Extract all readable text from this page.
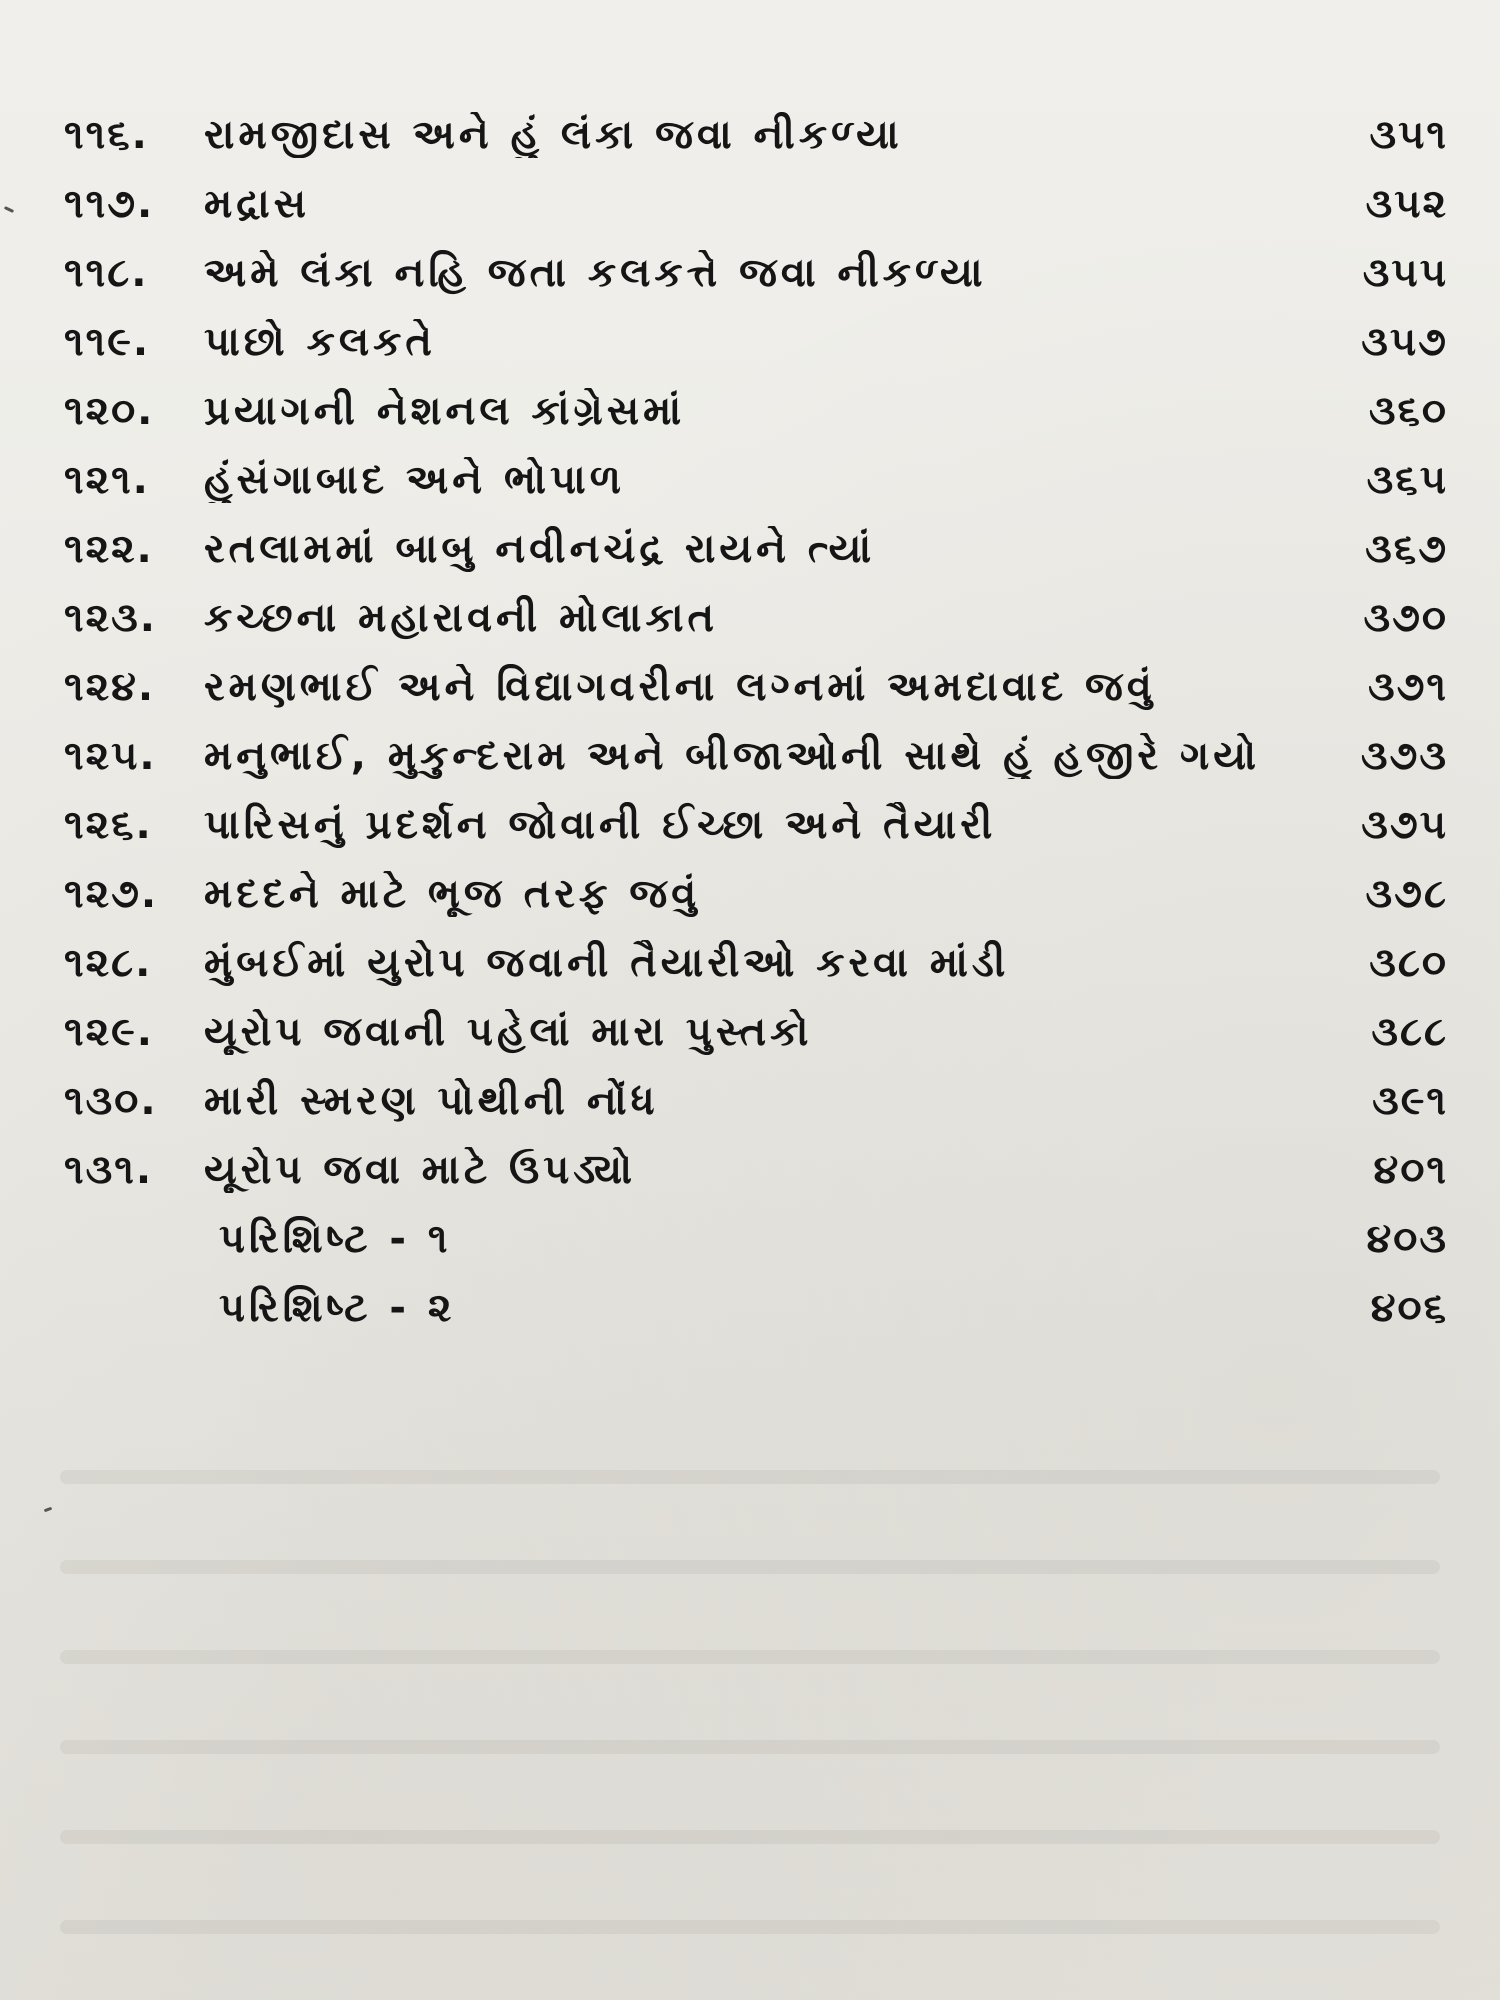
૧૧૬.	રામજીદાસ અને હું લંકા જવા નીકળ્યા	૩૫૧
૧૧૭.	મદ્રાસ	૩૫૨
૧૧૮.	અમે લંકા નહિ જતા કલકત્તે જવા નીકળ્યા	૩૫૫
૧૧૯.	પાછો કલકતે	૩૫૭
૧૨૦.	પ્રયાગની નેશનલ કાંગ્રેસમાં	૩૬૦
૧૨૧.	હુંસંગાબાદ અને ભોપાળ	૩૬૫
૧૨૨.	રતલામમાં બાબુ નવીનચંદ્ર રાયને ત્યાં	૩૬૭
૧૨૩.	કચ્છના મહારાવની મોલાકાત	૩૭૦
૧૨૪.	રમણભાઈ અને વિદ્યાગવરીના લગ્નમાં અમદાવાદ જવું	૩૭૧
૧૨૫.	મનુભાઈ, મુકુન્દરામ અને બીજાઓની સાથે હું હજીરે ગયો	૩૭૩
૧૨૬.	પારિસનું પ્રદર્શન જોવાની ઈચ્છા અને તૈયારી	૩૭૫
૧૨૭.	મદદને માટે ભૂજ તરફ જવું	૩૭૮
૧૨૮.	મુંબઈમાં યુરોપ જવાની તૈયારીઓ કરવા માંડી	૩૮૦
૧૨૯.	યૂરોપ જવાની પહેલાં મારા પુસ્તકો	૩૮૮
૧૩૦.	મારી સ્મરણ પોથીની નોંધ	૩૯૧
૧૩૧.	યૂરોપ જવા માટે ઉપડ્યો	૪૦૧
પરિશિષ્ટ - ૧	૪૦૩
પરિશિષ્ટ - ૨	૪૦૬
